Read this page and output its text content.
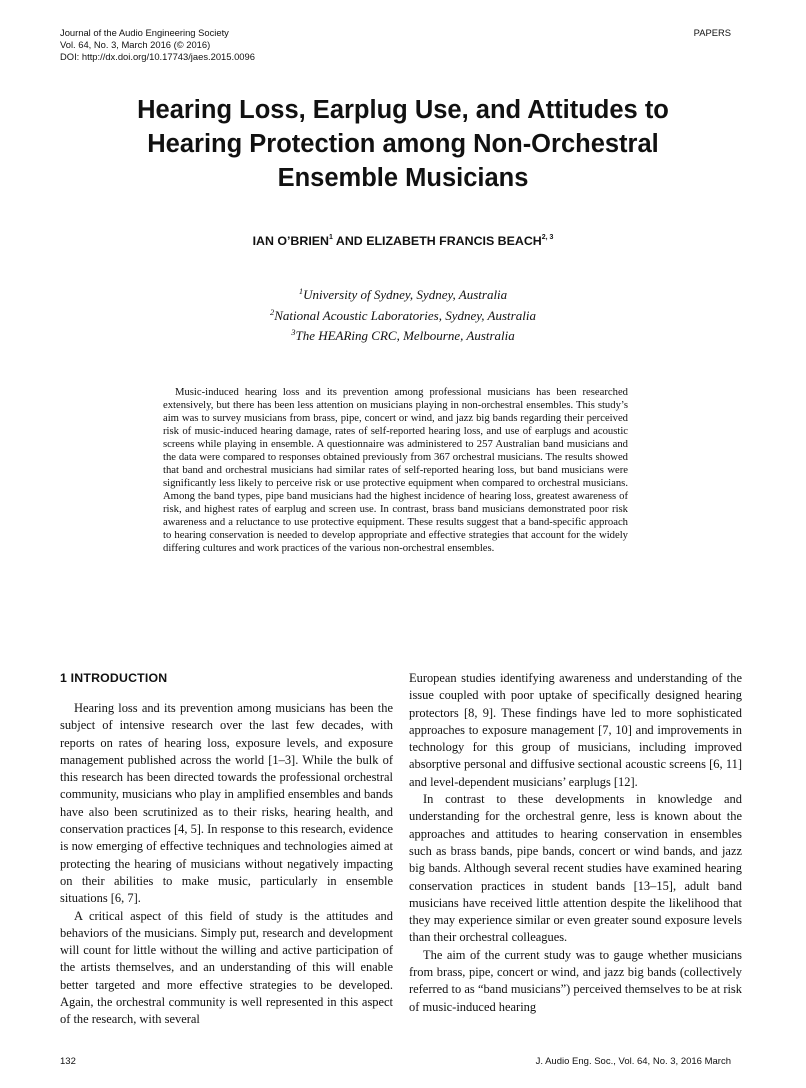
Journal of the Audio Engineering Society
Vol. 64, No. 3, March 2016 (© 2016)
DOI: http://dx.doi.org/10.17743/jaes.2015.0096
PAPERS
Hearing Loss, Earplug Use, and Attitudes to
Hearing Protection among Non-Orchestral
Ensemble Musicians
IAN O’BRIEN$^1$ AND ELIZABETH FRANCIS BEACH$^{2, 3}$
$^1$University of Sydney, Sydney, Australia
$^2$National Acoustic Laboratories, Sydney, Australia
$^3$The HEARing CRC, Melbourne, Australia

Music-induced hearing loss and its prevention among professional musicians has been researched extensively, but there has been less attention on musicians playing in non-orchestral ensembles. This study’s aim was to survey musicians from brass, pipe, concert or wind, and jazz big bands regarding their perceived risk of music-induced hearing damage, rates of self-reported hearing loss, and use of earplugs and acoustic screens while playing in ensemble. A questionnaire was administered to 257 Australian band musicians and the data were compared to responses obtained previously from 367 orchestral musicians. The results showed that band and orchestral musicians had similar rates of self-reported hearing loss, but band musicians were significantly less likely to perceive risk or use protective equipment when compared to orchestral musicians. Among the band types, pipe band musicians had the highest incidence of hearing loss, greatest awareness of risk, and highest rates of earplug and screen use. In contrast, brass band musicians demonstrated poor risk awareness and a reluctance to use protective equipment. These results suggest that a band-specific approach to hearing conservation is needed to develop appropriate and effective strategies that account for the widely differing cultures and work practices of the various non-orchestral ensembles.

1 INTRODUCTION

Hearing loss and its prevention among musicians has been the subject of intensive research over the last few decades, with reports on rates of hearing loss, exposure levels, and exposure management published across the world [1–3]. While the bulk of this research has been directed towards the professional orchestral community, musicians who play in amplified ensembles and bands have also been scrutinized as to their risks, hearing health, and conservation practices [4, 5]. In response to this research, evidence is now emerging of effective techniques and technologies aimed at protecting the hearing of musicians without negatively impacting on their abilities to make music, particularly in ensemble situations [6, 7].

A critical aspect of this field of study is the attitudes and behaviors of the musicians. Simply put, research and development will count for little without the willing and active participation of the artists themselves, and an understanding of this will enable better targeted and more effective strategies to be developed. Again, the orchestral community is well represented in this aspect of the research, with several

European studies identifying awareness and understanding of the issue coupled with poor uptake of specifically designed hearing protectors [8, 9]. These findings have led to more sophisticated approaches to exposure management [7, 10] and improvements in technology for this group of musicians, including improved absorptive personal and diffusive sectional acoustic screens [6, 11] and level-dependent musicians’ earplugs [12].

In contrast to these developments in knowledge and understanding for the orchestral genre, less is known about the approaches and attitudes to hearing conservation in ensembles such as brass bands, pipe bands, concert or wind bands, and jazz big bands. Although several recent studies have examined hearing conservation practices in student bands [13–15], adult band musicians have received little attention despite the likelihood that they may experience similar or even greater sound exposure levels than their orchestral colleagues.

The aim of the current study was to gauge whether musicians from brass, pipe, concert or wind, and jazz big bands (collectively referred to as “band musicians”) perceived themselves to be at risk of music-induced hearing

132	J. Audio Eng. Soc., Vol. 64, No. 3, 2016 March
